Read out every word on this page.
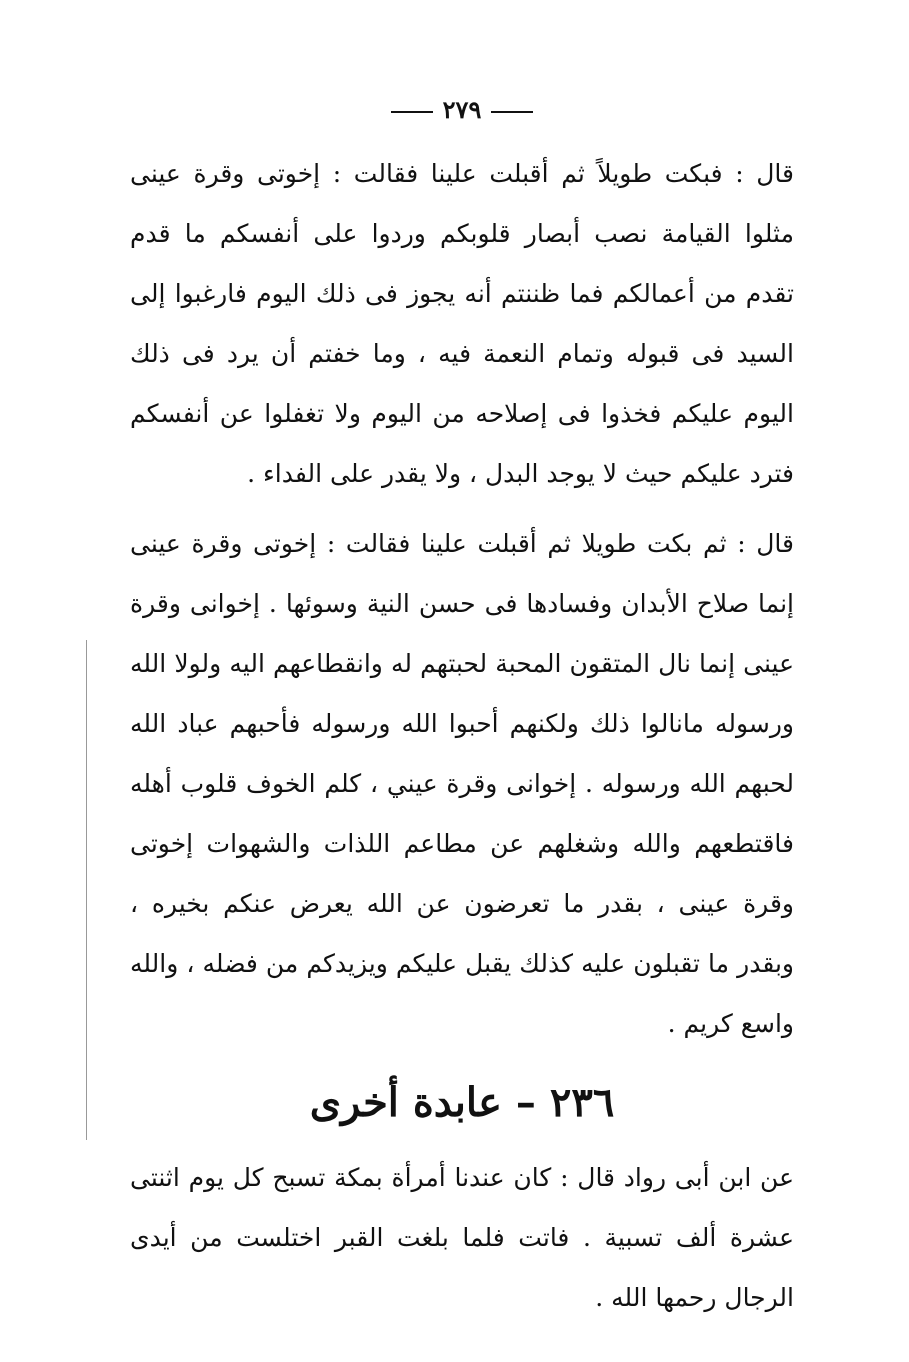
٢٧٩

قال : فبكت طويلاً ثم أقبلت علينا فقالت : إخوتى وقرة عينى مثلوا القيامة نصب أبصار قلوبكم وردوا على أنفسكم ما قدم تقدم من أعمالكم فما ظننتم أنه يجوز فى ذلك اليوم فارغبوا إلى السيد فى قبوله وتمام النعمة فيه ، وما خفتم أن يرد فى ذلك اليوم عليكم فخذوا فى إصلاحه من اليوم ولا تغفلوا عن أنفسكم فترد عليكم حيث لا يوجد البدل ، ولا يقدر على الفداء .

قال : ثم بكت طويلا ثم أقبلت علينا فقالت : إخوتى وقرة عينى إنما صلاح الأبدان وفسادها فى حسن النية وسوئها . إخوانى وقرة عينى إنما نال المتقون المحبة لحبتهم له وانقطاعهم اليه ولولا الله ورسوله مانالوا ذلك ولكنهم أحبوا الله ورسوله فأحبهم عباد الله لحبهم الله ورسوله . إخوانى وقرة عيني ، كلم الخوف قلوب أهله فاقتطعهم والله وشغلهم عن مطاعم اللذات والشهوات إخوتى وقرة عينى ، بقدر ما تعرضون عن الله يعرض عنكم بخيره ، وبقدر ما تقبلون عليه كذلك يقبل عليكم ويزيدكم من فضله ، والله واسع كريم .

٢٣٦ – عابدة أخرى

عن ابن أبى رواد قال : كان عندنا أمرأة بمكة تسبح كل يوم اثنتى عشرة ألف تسبية . فاتت فلما بلغت القبر اختلست من أيدى الرجال رحمها الله .
